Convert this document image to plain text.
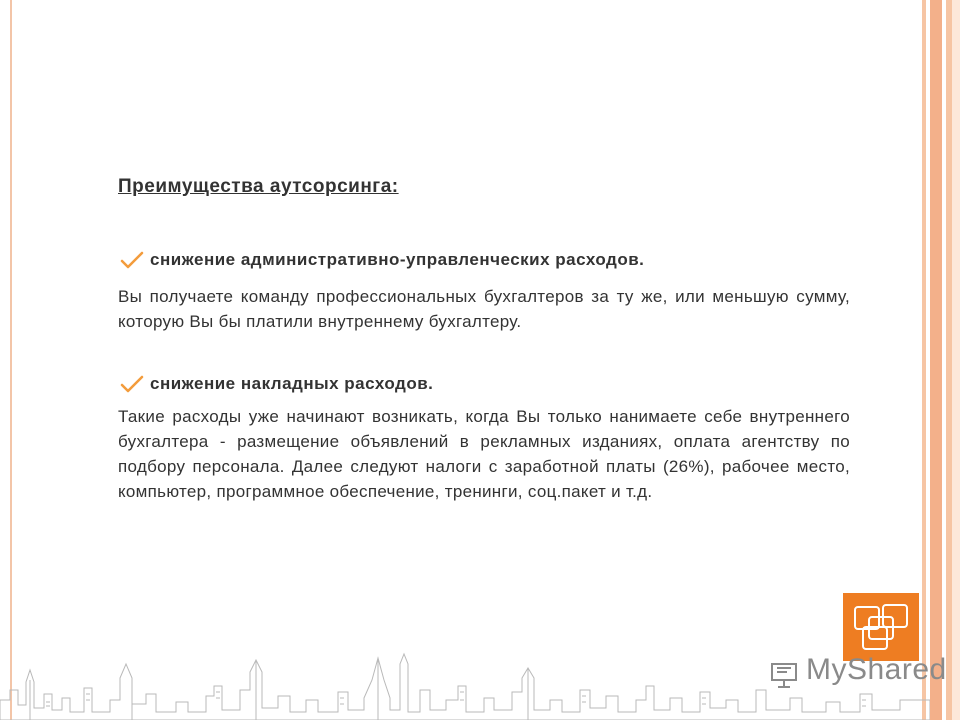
Преимущества аутсорсинга:
снижение административно-управленческих расходов.

Вы получаете команду профессиональных бухгалтеров за ту же, или меньшую сумму, которую Вы бы платили внутреннему бухгалтеру.

снижение накладных расходов.

Такие расходы уже начинают возникать, когда Вы только нанимаете себе внутреннего бухгалтера - размещение объявлений в рекламных изданиях, оплата агентству по подбору персонала. Далее следуют налоги с заработной платы (26%), рабочее место, компьютер, программное обеспечение, тренинги, соц.пакет и т.д.

MyShared
